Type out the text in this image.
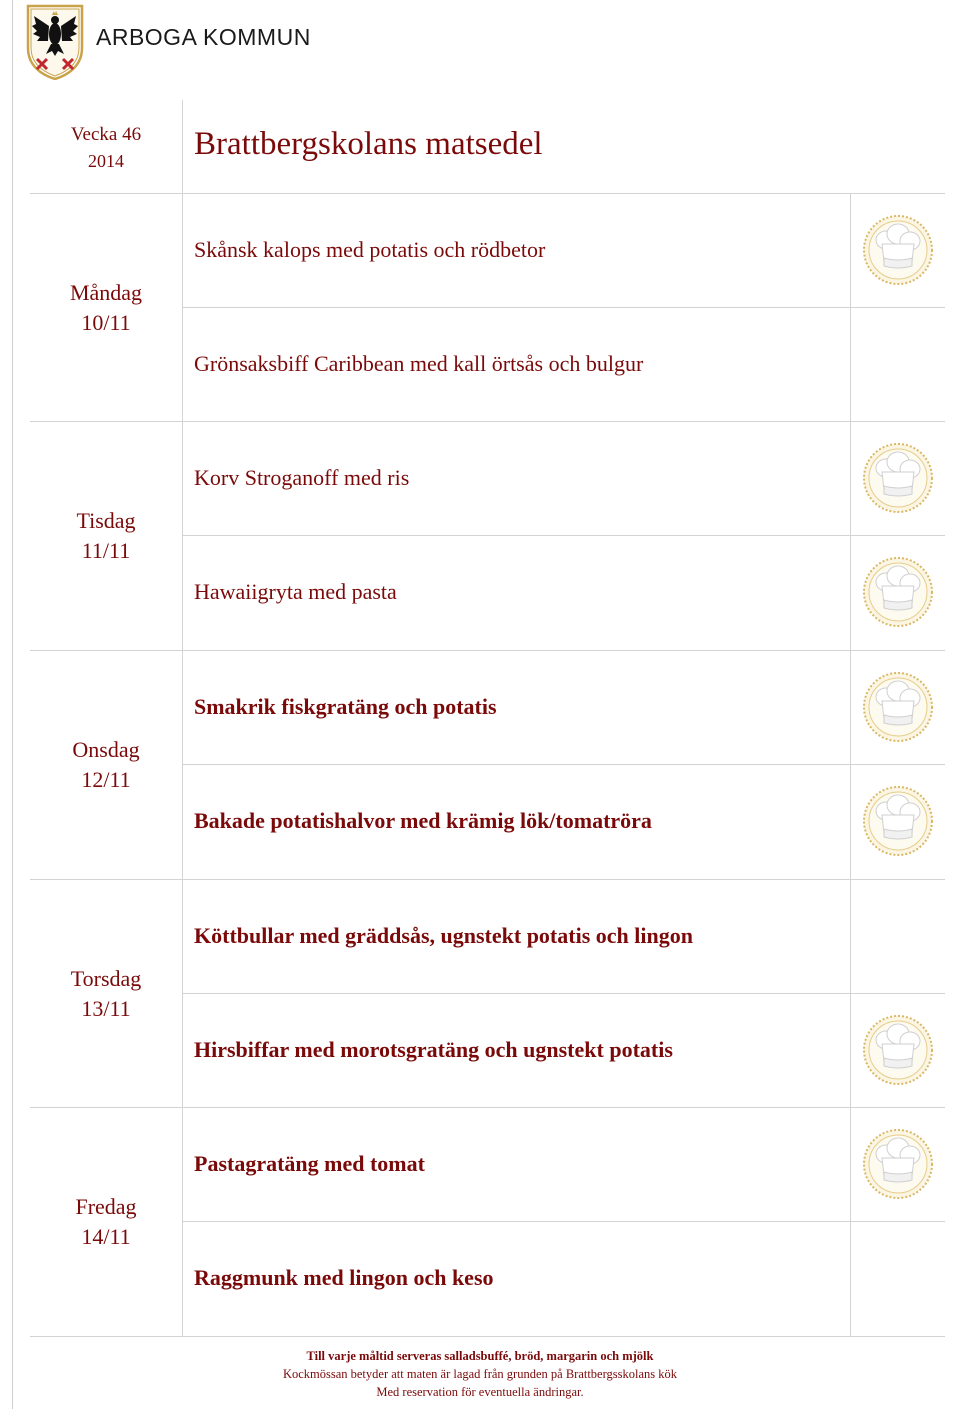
ARBOGA KOMMUN
Vecka 46
2014	Brattbergskolans matsedel
Måndag
10/11
Skånsk kalops med potatis och rödbetor
Grönsaksbiff Caribbean med kall örtsås och bulgur
Tisdag
11/11
Korv Stroganoff med ris
Hawaiigryta med pasta
Onsdag
12/11
Smakrik fiskgratäng och potatis
Bakade potatishalvor med krämig lök/tomatröra
Torsdag
13/11
Köttbullar med gräddsås, ugnstekt potatis och lingon
Hirsbiffar med morotsgratäng och ugnstekt potatis
Fredag
14/11
Pastagratäng med tomat
Raggmunk med lingon och keso
Till varje måltid serveras salladsbuffé, bröd, margarin och mjölk
Kockmössan betyder att maten är lagad från grunden på Brattbergsskolans kök
Med reservation för eventuella ändringar.
